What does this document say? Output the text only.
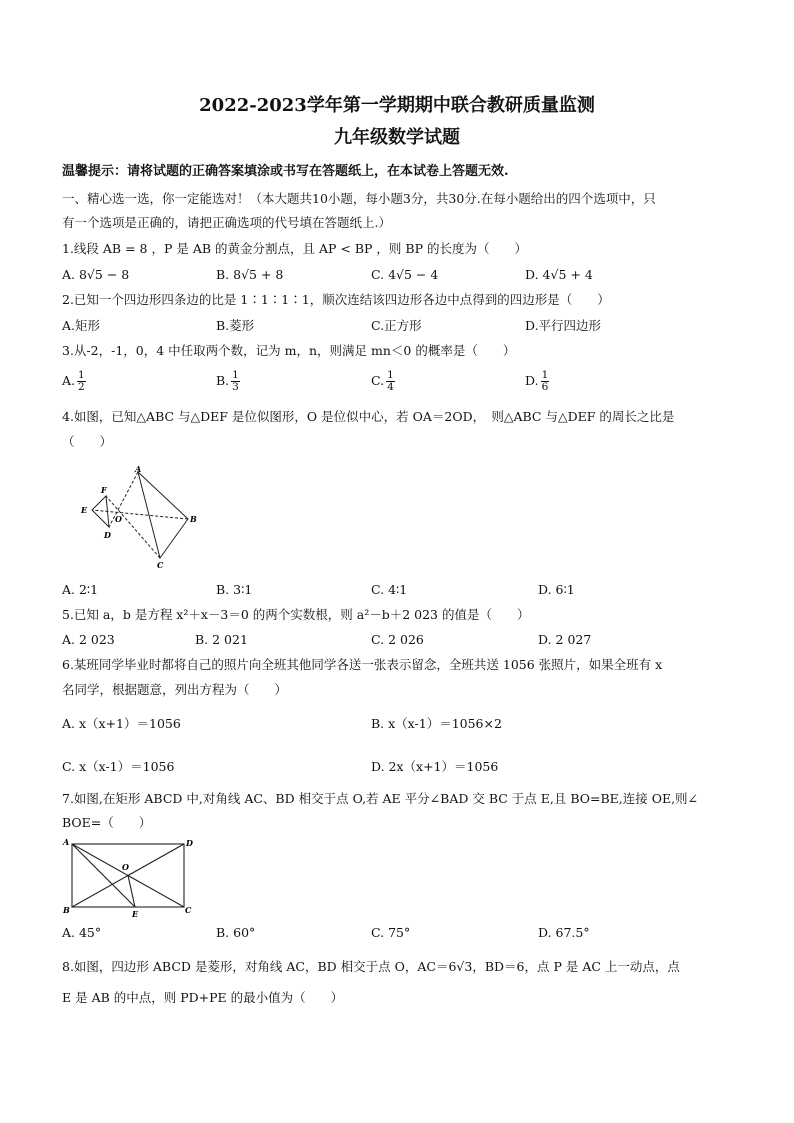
2022-2023学年第一学期期中联合教研质量监测
九年级数学试题
温馨提示：请将试题的正确答案填涂或书写在答题纸上，在本试卷上答题无效.
一、精心选一选，你一定能选对！（本大题共10小题，每小题3分，共30分.在每小题给出的四个选项中，只
有一个选项是正确的，请把正确选项的代号填在答题纸上.）
1.线段 AB = 8 ，P 是 AB 的黄金分割点，且 AP < BP ，则 BP 的长度为（　　）
A. 8√5 − 8	B. 8√5 + 8	C. 4√5 − 4	D. 4√5 + 4
2.已知一个四边形四条边的比是 1∶1∶1∶1，顺次连结该四边形各边中点得到的四边形是（　　）
A.矩形	B.菱形	C.正方形	D.平行四边形
3.从-2，-1，0，4 中任取两个数，记为 m，n，则满足 mn＜0 的概率是（　　）
A. $\frac{1}{2}$	B. $\frac{1}{3}$	C. $\frac{1}{4}$	D. $\frac{1}{6}$
4.如图，已知△ABC 与△DEF 是位似图形，O 是位似中心，若 OA＝2OD，　则△ABC 与△DEF 的周长之比是
（　　）
A
F
E
O	B
D
C
A. 2∶1	B. 3∶1	C. 4∶1	D. 6∶1
5.已知 a，b 是方程 x²＋x－3＝0 的两个实数根，则 a²－b＋2 023 的值是（　　）
A. 2 023	B. 2 021	C. 2 026	D. 2 027
6.某班同学毕业时都将自己的照片向全班其他同学各送一张表示留念，全班共送 1056 张照片，如果全班有 x
名同学，根据题意，列出方程为（　　）
A. x（x+1）＝1056	B. x（x-1）＝1056×2
C. x（x-1）＝1056	D. 2x（x+1）＝1056
7.如图,在矩形 ABCD 中,对角线 AC、BD 相交于点 O,若 AE 平分∠BAD 交 BC 于点 E,且 BO=BE,连接 OE,则∠
BOE=（　　）
A	D
O
B	E	C
A. 45°	B. 60°	C. 75°	D. 67.5°
8.如图，四边形 ABCD 是菱形，对角线 AC，BD 相交于点 O，AC＝6√3，BD＝6，点 P 是 AC 上一动点，点
E 是 AB 的中点，则 PD+PE 的最小值为（　　）
